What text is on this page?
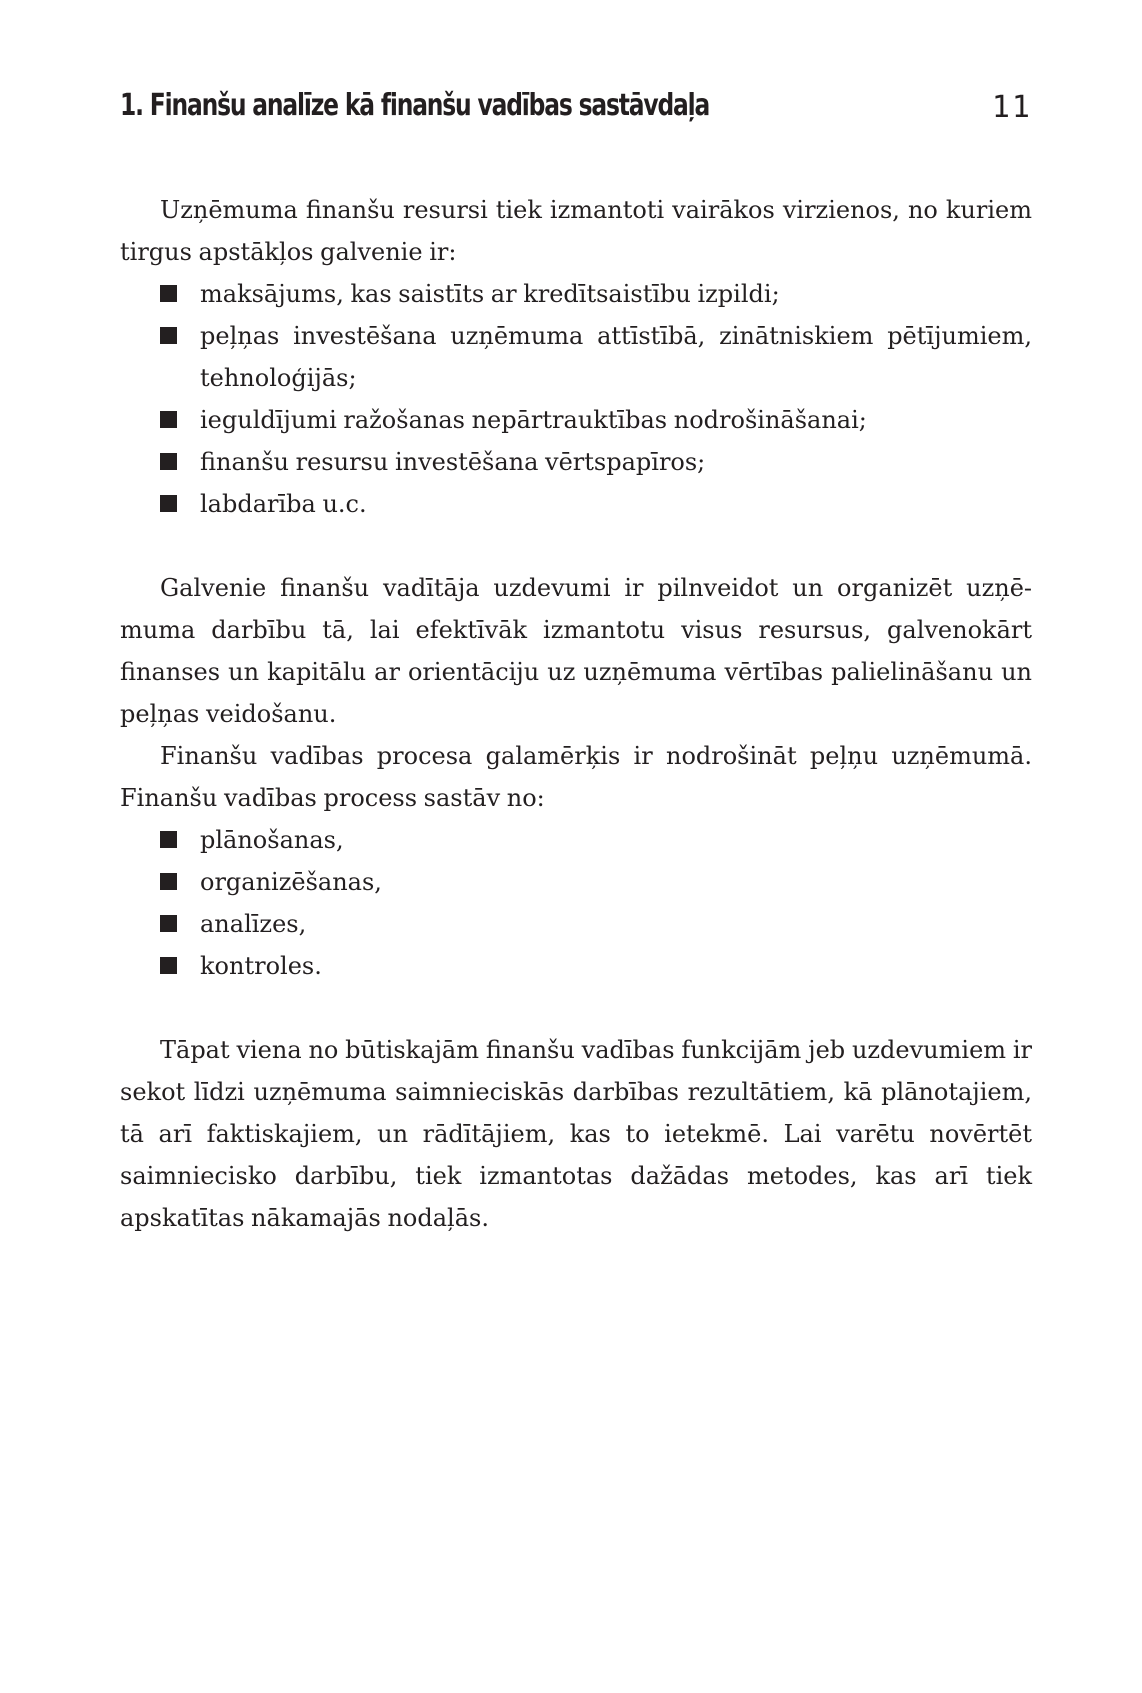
1. Finanšu analīze kā finanšu vadības sastāvdaļa	11

Uzņēmuma finanšu resursi tiek izmantoti vairākos virzienos, no kuriem tirgus apstākļos galvenie ir:

maksājums, kas saistīts ar kredītsaistību izpildi;
peļņas investēšana uzņēmuma attīstībā, zinātniskiem pētījumiem, tehnoloģijās;
ieguldījumi ražošanas nepārtrauktības nodrošināšanai;
finanšu resursu investēšana vērtspapīros;
labdarība u.c.

Galvenie finanšu vadītāja uzdevumi ir pilnveidot un organizēt uzņēmuma darbību tā, lai efektīvāk izmantotu visus resursus, galvenokārt finanses un kapitālu ar orientāciju uz uzņēmuma vērtības palielināšanu un peļņas veidošanu.

Finanšu vadības procesa galamērķis ir nodrošināt peļņu uzņēmumā. Finanšu vadības process sastāv no:

plānošanas,
organizēšanas,
analīzes,
kontroles.

Tāpat viena no būtiskajām finanšu vadības funkcijām jeb uzdevumiem ir sekot līdzi uzņēmuma saimnieciskās darbības rezultātiem, kā plānotajiem, tā arī faktiskajiem, un rādītājiem, kas to ietekmē. Lai varētu novērtēt saimniecisko darbību, tiek izmantotas dažādas metodes, kas arī tiek apskatītas nākamajās nodaļās.
